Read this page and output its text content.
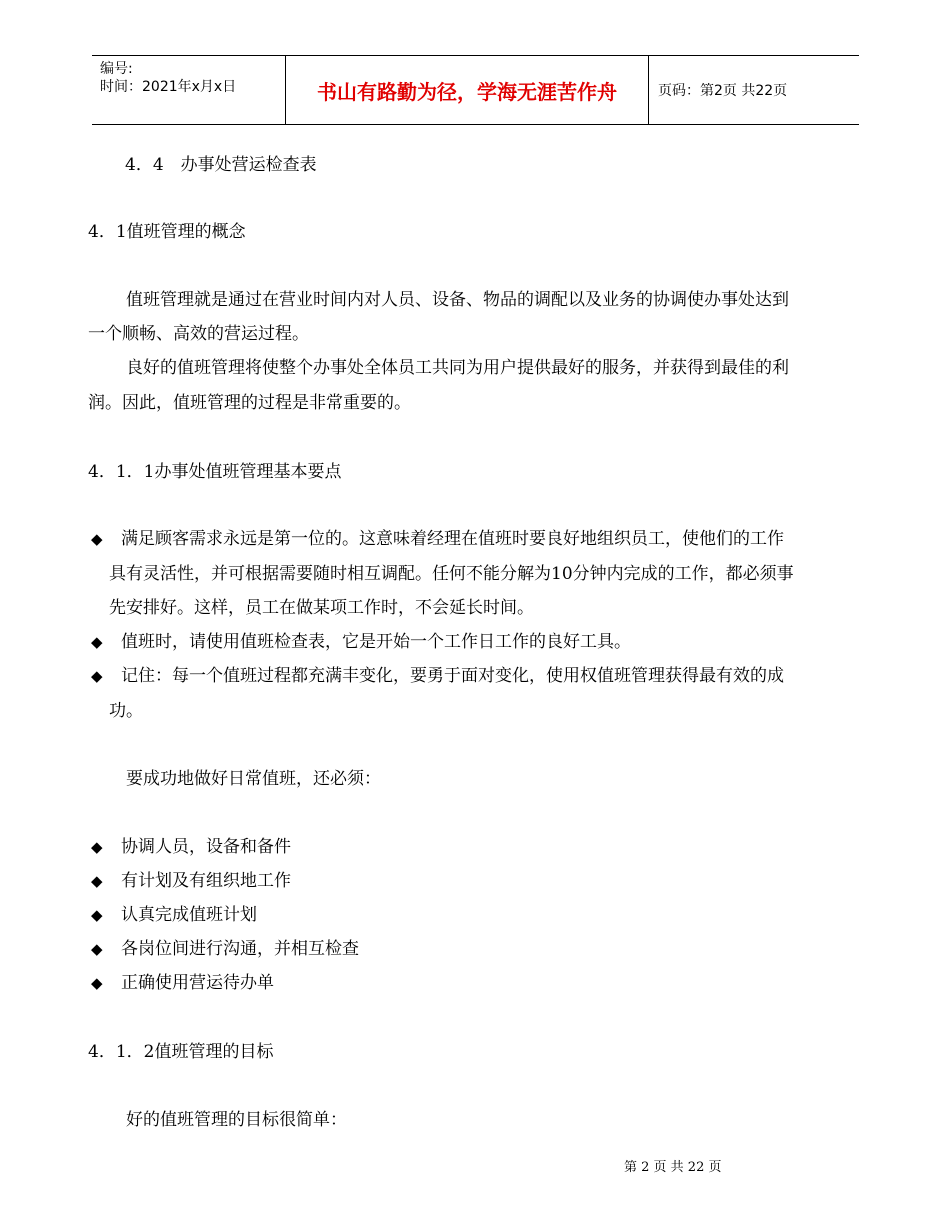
编号:
时间：2021年x月x日	书山有路勤为径，学海无涯苦作舟	页码：第2页 共22页
4．4　办事处营运检查表
4．1值班管理的概念
值班管理就是通过在营业时间内对人员、设备、物品的调配以及业务的协调使办事处达到
一个顺畅、高效的营运过程。
良好的值班管理将使整个办事处全体员工共同为用户提供最好的服务，并获得到最佳的利
润。因此，值班管理的过程是非常重要的。
4．1．1办事处值班管理基本要点
◆ 满足顾客需求永远是第一位的。这意味着经理在值班时要良好地组织员工，使他们的工作
具有灵活性，并可根据需要随时相互调配。任何不能分解为10分钟内完成的工作，都必须事
先安排好。这样，员工在做某项工作时，不会延长时间。
◆ 值班时，请使用值班检查表，它是开始一个工作日工作的良好工具。
◆ 记住：每一个值班过程都充满丰变化，要勇于面对变化，使用权值班管理获得最有效的成
功。
要成功地做好日常值班，还必须：
◆ 协调人员，设备和备件
◆ 有计划及有组织地工作
◆ 认真完成值班计划
◆ 各岗位间进行沟通，并相互检查
◆ 正确使用营运待办单
4．1．2值班管理的目标
好的值班管理的目标很简单：
第 2 页 共 22 页
